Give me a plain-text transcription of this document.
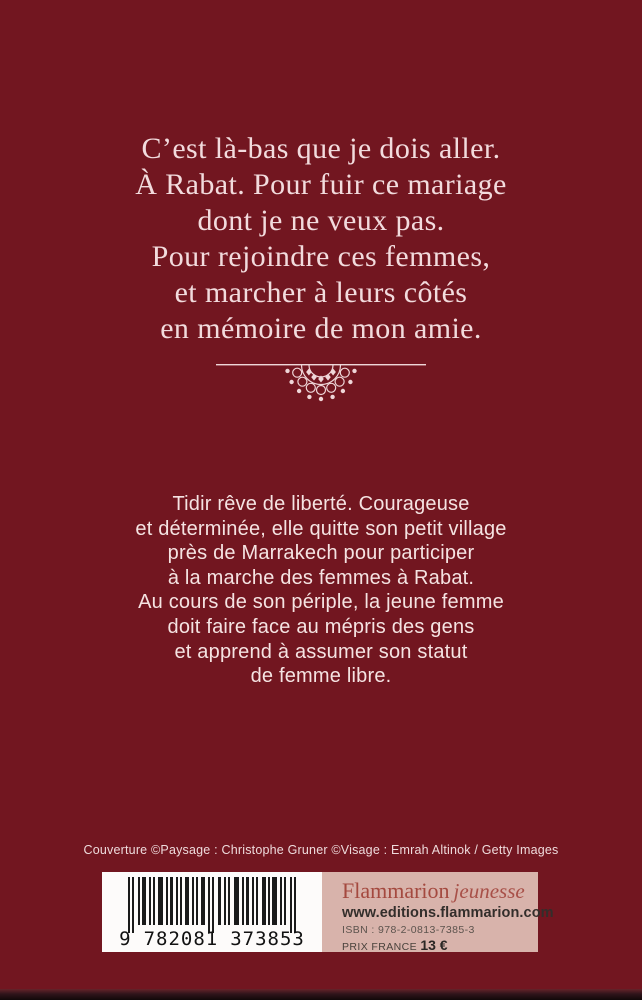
C’est là-bas que je dois aller.
À Rabat. Pour fuir ce mariage
dont je ne veux pas.
Pour rejoindre ces femmes,
et marcher à leurs côtés
en mémoire de mon amie.
Tidir rêve de liberté. Courageuse
et déterminée, elle quitte son petit village
près de Marrakech pour participer
à la marche des femmes à Rabat.
Au cours de son périple, la jeune femme
doit faire face au mépris des gens
et apprend à assumer son statut
de femme libre.
Couverture ©Paysage : Christophe Gruner ©Visage : Emrah Altinok / Getty Images
9 782081 373853
Flammarion jeunesse
www.editions.flammarion.com
ISBN : 978-2-0813-7385-3
PRIX FRANCE 13 €
